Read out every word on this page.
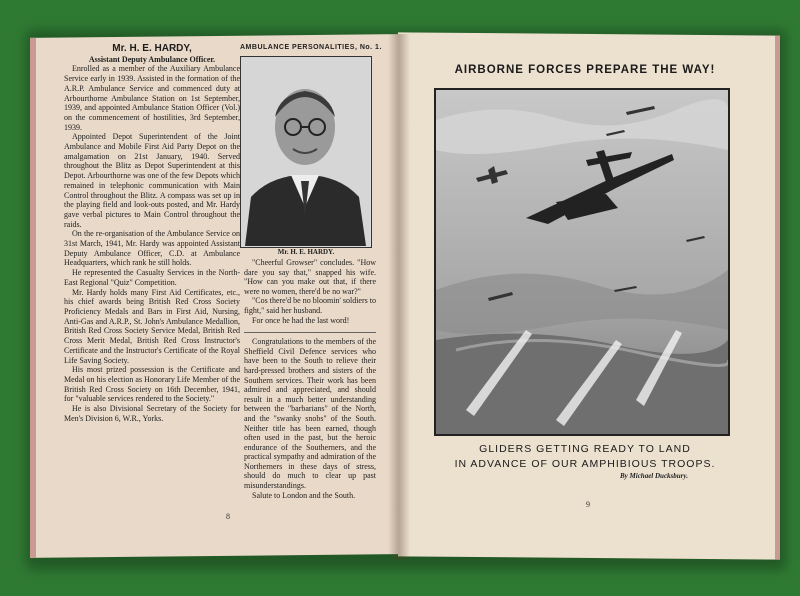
AMBULANCE PERSONALITIES, No. 1.
Mr. H. E. HARDY,
Assistant Deputy Ambulance Officer.

Enrolled as a member of the Auxiliary Ambulance Service early in 1939. Assisted in the formation of the A.R.P. Ambulance Service and commenced duty at Arbourthorne Ambulance Station on 1st September, 1939, and appointed Ambulance Station Officer (Vol.) on the commencement of hostilities, 3rd September, 1939.

Appointed Depot Superintendent of the Joint Ambulance and Mobile First Aid Party Depot on the amalgamation on 21st January, 1940. Served throughout the Blitz as Depot Superintendent at this Depot. Arbourthorne was one of the few Depots which remained in telephonic communication with Main Control throughout the Blitz. A compass was set up in the playing field and look-outs posted, and Mr. Hardy gave verbal pictures to Main Control throughout the raids.

On the re-organisation of the Ambulance Service on 31st March, 1941, Mr. Hardy was appointed Assistant Deputy Ambulance Officer, C.D. at Ambulance Headquarters, which rank he still holds.

He represented the Casualty Services in the North-East Regional "Quiz" Competition.

Mr. Hardy holds many First Aid Certificates, etc., his chief awards being British Red Cross Society Proficiency Medals and Bars in First Aid, Nursing, Anti-Gas and A.R.P., St. John's Ambulance Medallion, British Red Cross Society Service Medal, British Red Cross Merit Medal, British Red Cross Instructor's Certificate and the Instructor's Certificate of the Royal Life Saving Society.

His most prized possession is the Certificate and Medal on his election as Honorary Life Member of the British Red Cross Society on 16th December, 1941, for "valuable services rendered to the Society."

He is also Divisional Secretary of the Society for Men's Division 6, W.R., Yorks.

Mr. H. E. HARDY.

"Cheerful Growser" concludes. "How dare you say that," snapped his wife. "How can you make out that, if there were no women, there'd be no war?"

"Cos there'd be no bloomin' soldiers to fight," said her husband.

For once he had the last word!

Congratulations to the members of the Sheffield Civil Defence services who have been to the South to relieve their hard-pressed brothers and sisters of the Southern services. Their work has been admired and appreciated, and should result in a much better understanding between the "barbarians" of the North, and the "swanky snobs" of the South. Neither title has been earned, though often used in the past, but the heroic endurance of the Southerners, and the practical sympathy and admiration of the Northerners in these days of stress, should do much to clear up past misunderstandings.

Salute to London and the South.

8
AIRBORNE FORCES PREPARE THE WAY!
GLIDERS GETTING READY TO LAND
IN ADVANCE OF OUR AMPHIBIOUS TROOPS.
By Michael Ducksbury.
9
